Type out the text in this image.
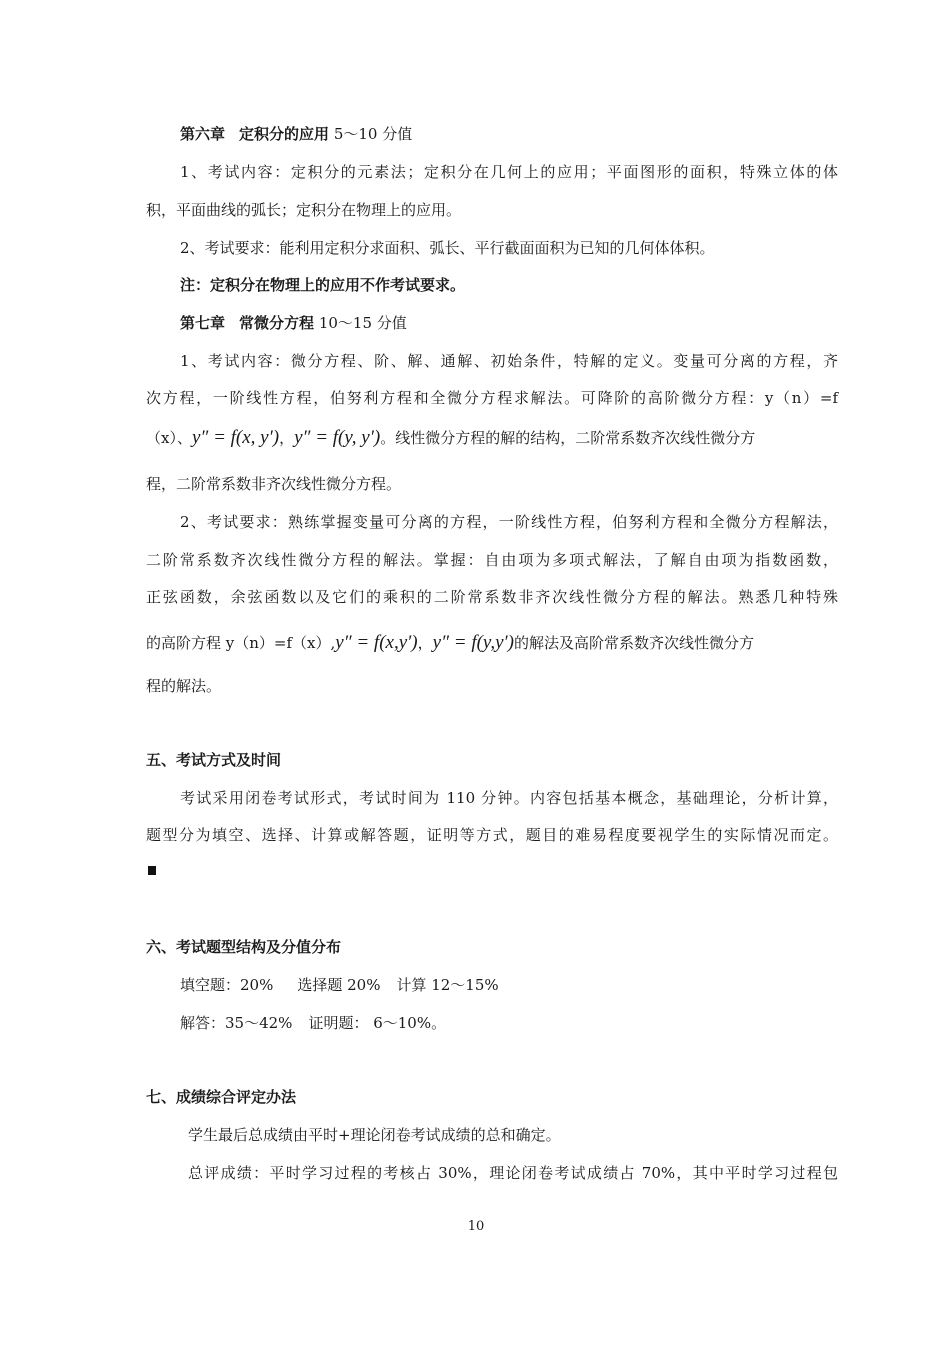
第六章 定积分的应用 5～10 分值
1、考试内容：定积分的元素法；定积分在几何上的应用；平面图形的面积，特殊立体的体
积，平面曲线的弧长；定积分在物理上的应用。
2、考试要求：能利用定积分求面积、弧长、平行截面面积为已知的几何体体积。
注：定积分在物理上的应用不作考试要求。
第七章 常微分方程 10～15 分值
1、考试内容：微分方程、阶、解、通解、初始条件，特解的定义。变量可分离的方程，齐
次方程，一阶线性方程，伯努利方程和全微分方程求解法。可降阶的高阶微分方程：y（n）=f
（x）、y″ = f(x, y′)，y″ = f(y, y′)。线性微分方程的解的结构，二阶常系数齐次线性微分方
程，二阶常系数非齐次线性微分方程。
2、考试要求：熟练掌握变量可分离的方程，一阶线性方程，伯努利方程和全微分方程解法，
二阶常系数齐次线性微分方程的解法。掌握：自由项为多项式解法，了解自由项为指数函数，
正弦函数，余弦函数以及它们的乘积的二阶常系数非齐次线性微分方程的解法。熟悉几种特殊
的高阶方程 y（n）=f（x）,y″ = f(x,y′)，y″ = f(y,y′)的解法及高阶常系数齐次线性微分方
程的解法。
五、考试方式及时间
考试采用闭卷考试形式，考试时间为 110 分钟。内容包括基本概念，基础理论，分析计算，
题型分为填空、选择、计算或解答题，证明等方式，题目的难易程度要视学生的实际情况而定。
六、考试题型结构及分值分布
填空题：20% 选择题 20% 计算 12～15%
解答：35～42% 证明题： 6～10%。
七、成绩综合评定办法
学生最后总成绩由平时+理论闭卷考试成绩的总和确定。
总评成绩：平时学习过程的考核占 30%，理论闭卷考试成绩占 70%，其中平时学习过程包
10
